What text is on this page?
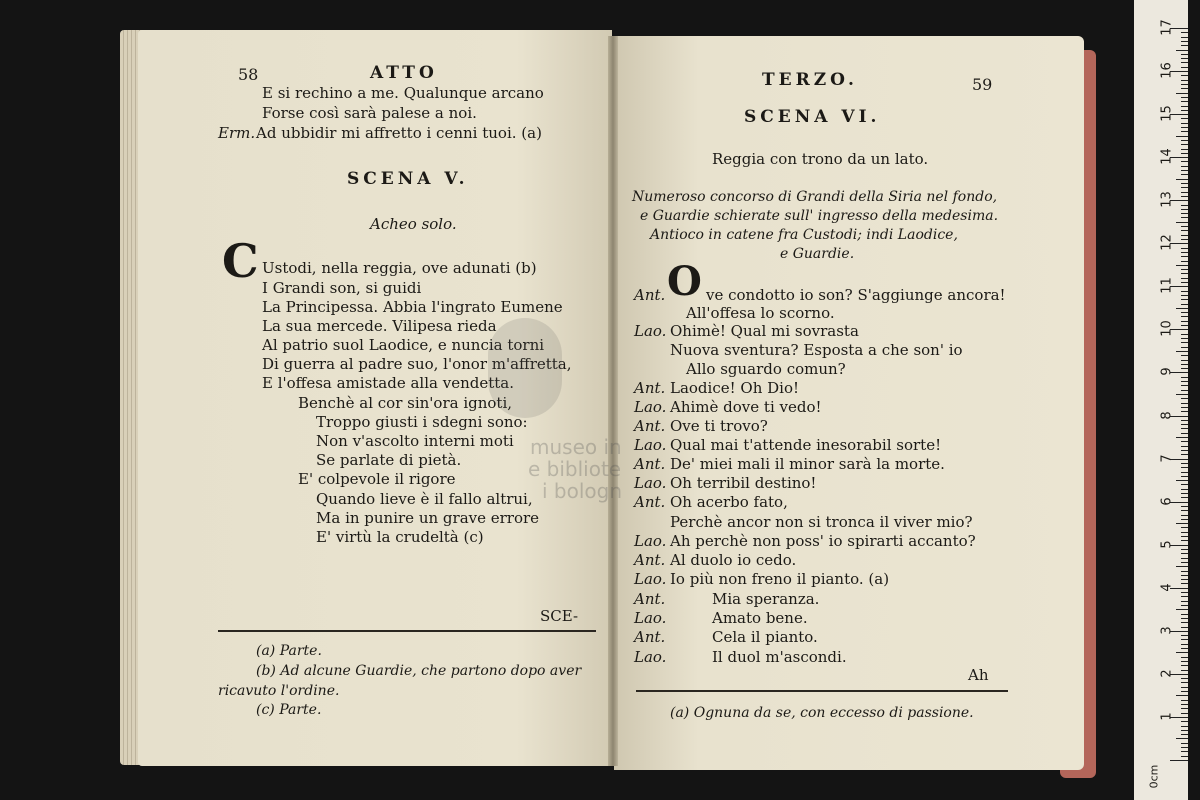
58	ATTO
E si rechino a me. Qualunque arcano
Forse così sarà palese a noi.
Erm. Ad ubbidir mi affretto i cenni tuoi. (a)
SCENA V.
Acheo solo.
C Ustodi, nella reggia, ove adunati (b)
I Grandi son, si guidi
La Principessa. Abbia l'ingrato Eumene
La sua mercede. Vilipesa rieda
Al patrio suol Laodice, e nuncia torni
Di guerra al padre suo, l'onor m'affretta,
E l'offesa amistade alla vendetta.
Benchè al cor sin'ora ignoti,
Troppo giusti i sdegni sono:
Non v'ascolto interni moti
Se parlate di pietà.
E' colpevole il rigore
Quando lieve è il fallo altrui,
Ma in punire un grave errore
E' virtù la crudeltà (c)
SCE-
(a) Parte.
(b) Ad alcune Guardie, che partono dopo aver
ricavuto l'ordine.
(c) Parte.
TERZO.	59
SCENA VI.
Reggia con trono da un lato.
Numeroso concorso di Grandi della Siria nel fondo,
e Guardie schierate sull' ingresso della medesima.
Antioco in catene fra Custodi; indi Laodice,
e Guardie.
O
Ant.	ve condotto io son? S'aggiunge ancora!
All'offesa lo scorno.
Lao. Ohimè! Qual mi sovrasta
Nuova sventura? Esposta a che son' io
Allo sguardo comun?
Ant. Laodice! Oh Dio!
Lao. Ahimè dove ti vedo!
Ant. Ove ti trovo?
Lao. Qual mai t'attende inesorabil sorte!
Ant. De' miei mali il minor sarà la morte.
Lao. Oh terribil destino!
Ant. Oh acerbo fato,
Perchè ancor non si tronca il viver mio?
Lao. Ah perchè non poss' io spirarti accanto?
Ant. Al duolo io cedo.
Lao. Io più non freno il pianto. (a)
Ant.	Mia speranza.
Lao.	Amato bene.
Ant.	Cela il pianto.
Lao.	Il duol m'ascondi.
Ah
(a) Ognuna da se, con eccesso di passione.
museo in
e bibliote
i bologn
17
16
15
14
13
12
11
10
9
8
7
6
5
4
3
2
1
0cm
